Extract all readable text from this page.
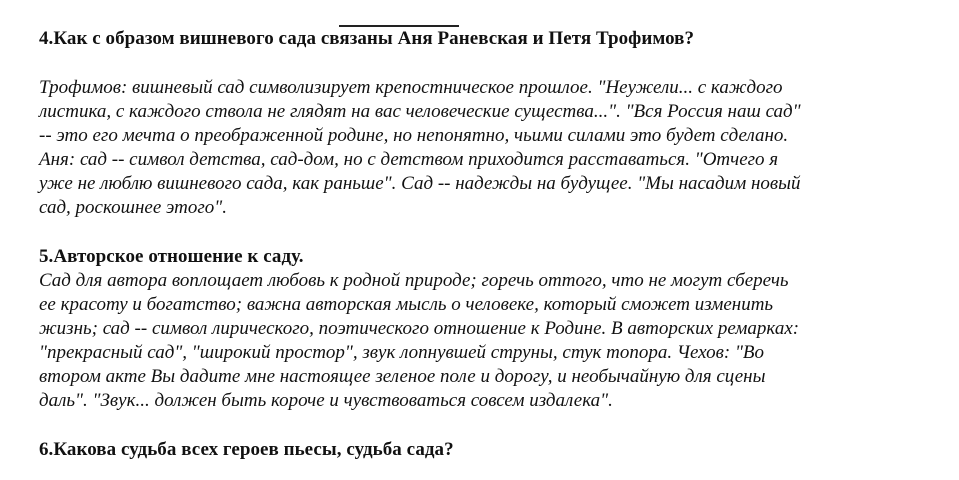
4.Как с образом вишневого сада связаны Аня Раневская и Петя Трофимов?

Трофимов: вишневый сад символизирует крепостническое прошлое. "Неужели... с каждого
листика, с каждого ствола не глядят на вас человеческие существа...". "Вся Россия наш сад"
-- это его мечта о преображенной родине, но непонятно, чьими силами это будет сделано.
Аня: сад -- символ детства, сад-дом, но с детством приходится расставаться. "Отчего я
уже не люблю вишневого сада, как раньше". Сад -- надежды на будущее. "Мы насадим новый
сад, роскошнее этого".

5.Авторское отношение к саду.

Сад для автора воплощает любовь к родной природе; горечь оттого, что не могут сберечь
ее красоту и богатство; важна авторская мысль о человеке, который сможет изменить
жизнь; сад -- символ лирического, поэтического отношение к Родине. В авторских ремарках:
"прекрасный сад", "широкий простор", звук лопнувшей струны, стук топора. Чехов: "Во
втором акте Вы дадите мне настоящее зеленое поле и дорогу, и необычайную для сцены
даль". "Звук... должен быть короче и чувствоваться совсем издалека".

6.Какова судьба всех героев пьесы, судьба сада?
